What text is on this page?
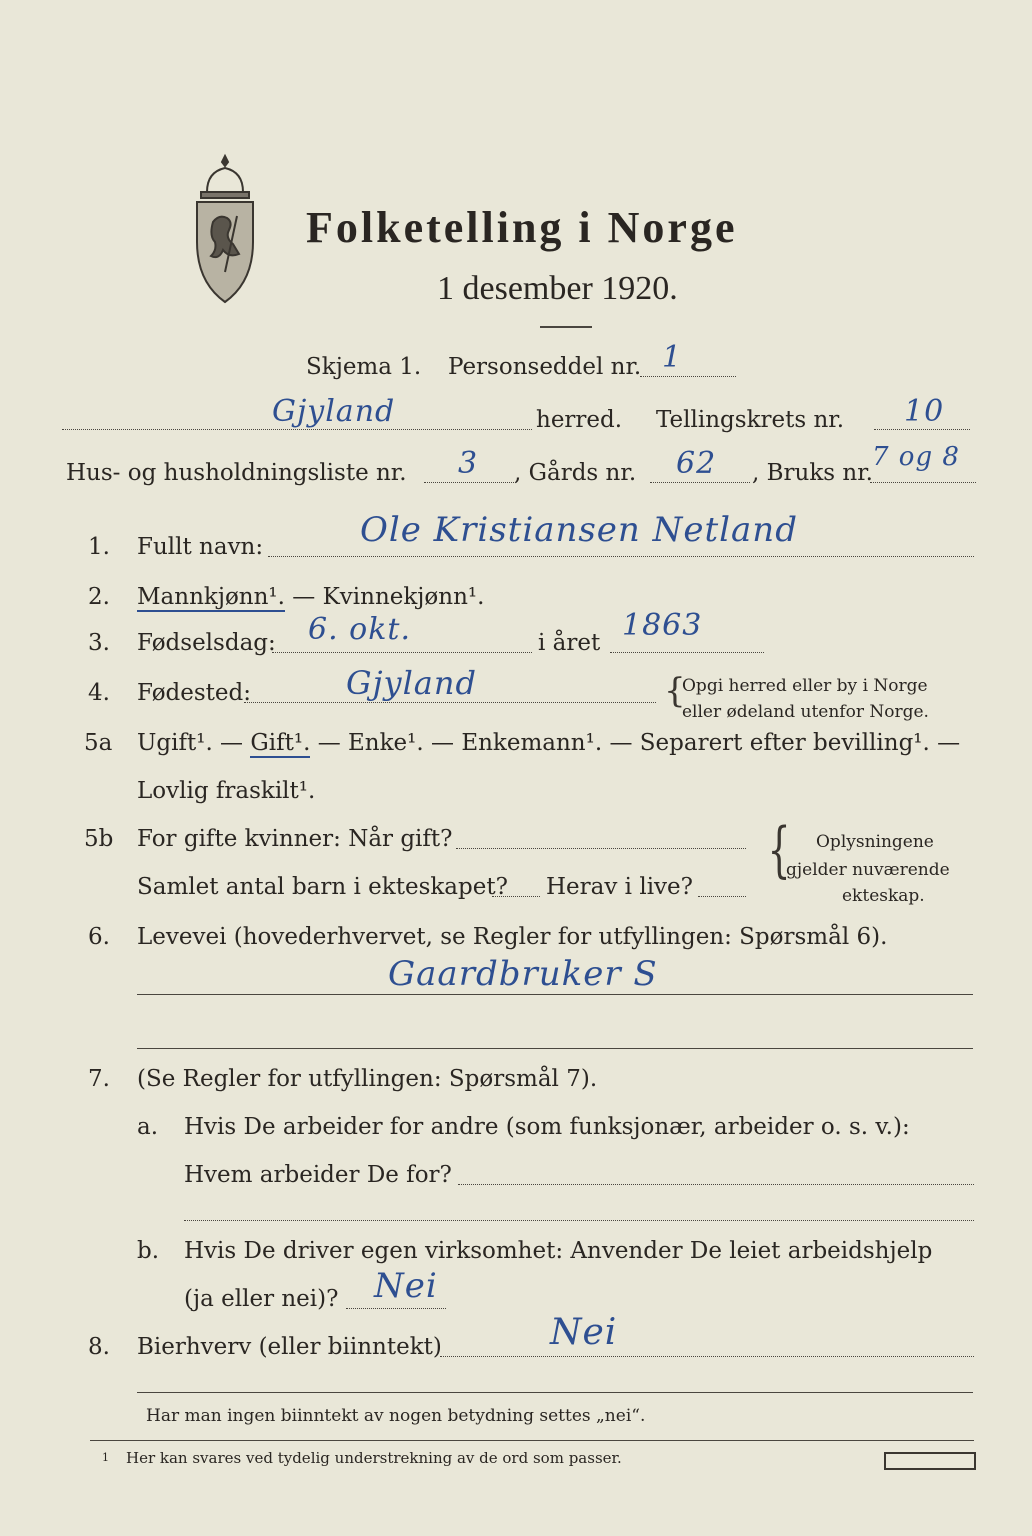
Folketelling i Norge
1 desember 1920.
Skjema 1. Personseddel nr. 1
Gjyland	herred. Tellingskrets nr. 10
Hus- og husholdningsliste nr. 3 , Gårds nr. 62 , Bruks nr.
7 og 8
1. Fullt navn:	Ole Kristiansen Netland
2. Mannkjønn¹. — Kvinnekjønn¹.
3. Fødselsdag: 6. okt.	i året 1863
4. Fødested:	Gjyland	{
Opgi herred eller by i Norge
eller ødeland utenfor Norge.
5a Ugift¹. — Gift¹. — Enke¹. — Enkemann¹. — Separert efter bevilling¹. —
Lovlig fraskilt¹.
5b For gifte kvinner: Når gift?
Samlet antal barn i ekteskapet? Herav i live?
{ Oplysningene
gjelder nuværende
ekteskap.
6. Levevei (hovederhvervet, se Regler for utfyllingen: Spørsmål 6).
Gaardbruker S
7. (Se Regler for utfyllingen: Spørsmål 7).
a. Hvis De arbeider for andre (som funksjonær, arbeider o. s. v.):
Hvem arbeider De for?
b. Hvis De driver egen virksomhet: Anvender De leiet arbeidshjelp
(ja eller nei)? Nei
8. Bierhverv (eller biinntekt)	Nei
Har man ingen biinntekt av nogen betydning settes „nei“.
1 Her kan svares ved tydelig understrekning av de ord som passer.
